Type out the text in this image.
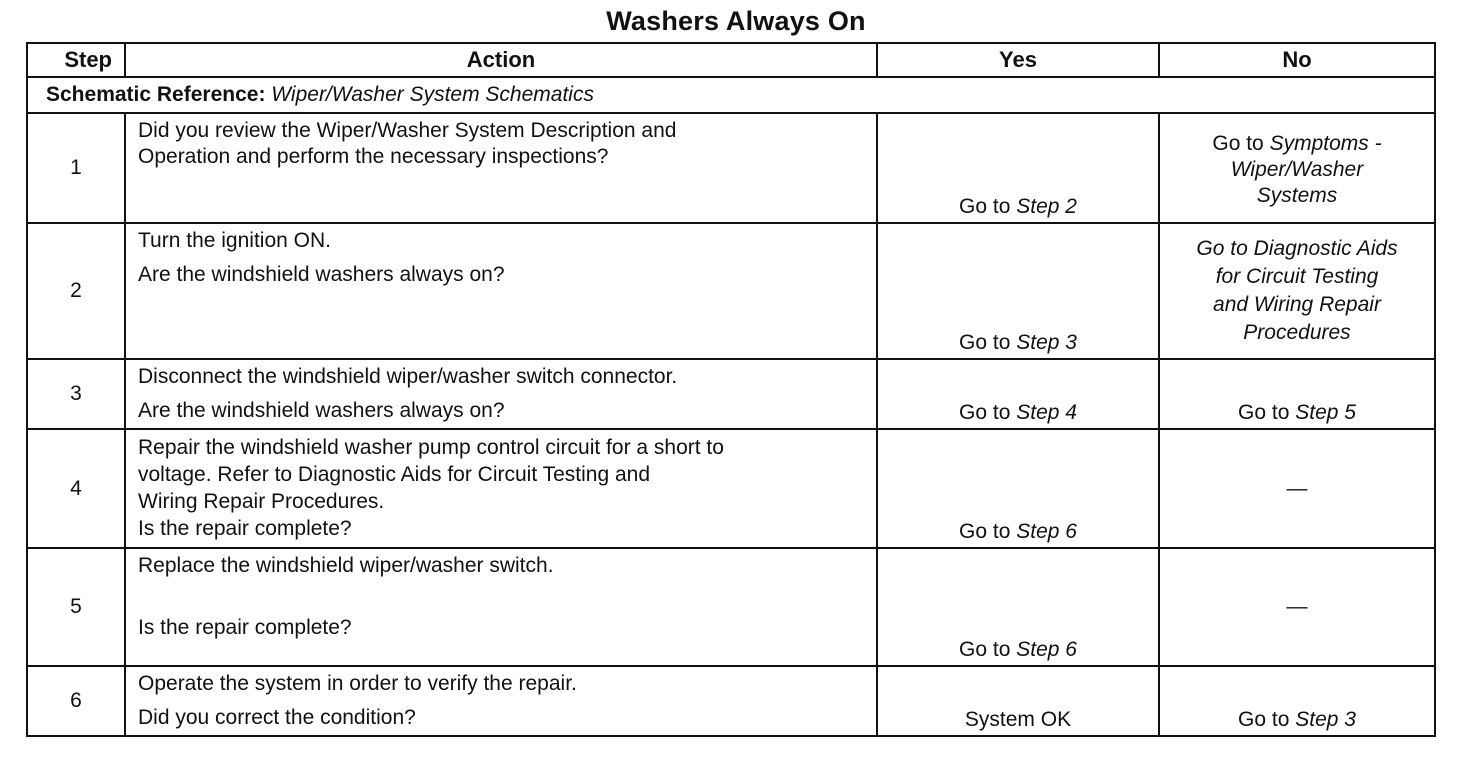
Washers Always On
Step	Action	Yes	No
Schematic Reference: Wiper/Washer System Schematics			
1	Did you review the Wiper/Washer System Description and
Operation and perform the necessary inspections?	Go to Step 2	Go to Symptoms -
Wiper/Washer
Systems

2	Turn the ignition ON.
Are the windshield washers always on?	Go to Step 3	Go to Diagnostic Aids
for Circuit Testing
and Wiring Repair
Procedures

3	Disconnect the windshield wiper/washer switch connector.
Are the windshield washers always on?	Go to Step 4	Go to Step 5
4	Repair the windshield washer pump control circuit for a short to
voltage. Refer to Diagnostic Aids for Circuit Testing and
Wiring Repair Procedures.
Is the repair complete?	Go to Step 6	—
5	Replace the windshield wiper/washer switch.
Is the repair complete?	Go to Step 6	—
6	Operate the system in order to verify the repair.
Did you correct the condition?	System OK	Go to Step 3
